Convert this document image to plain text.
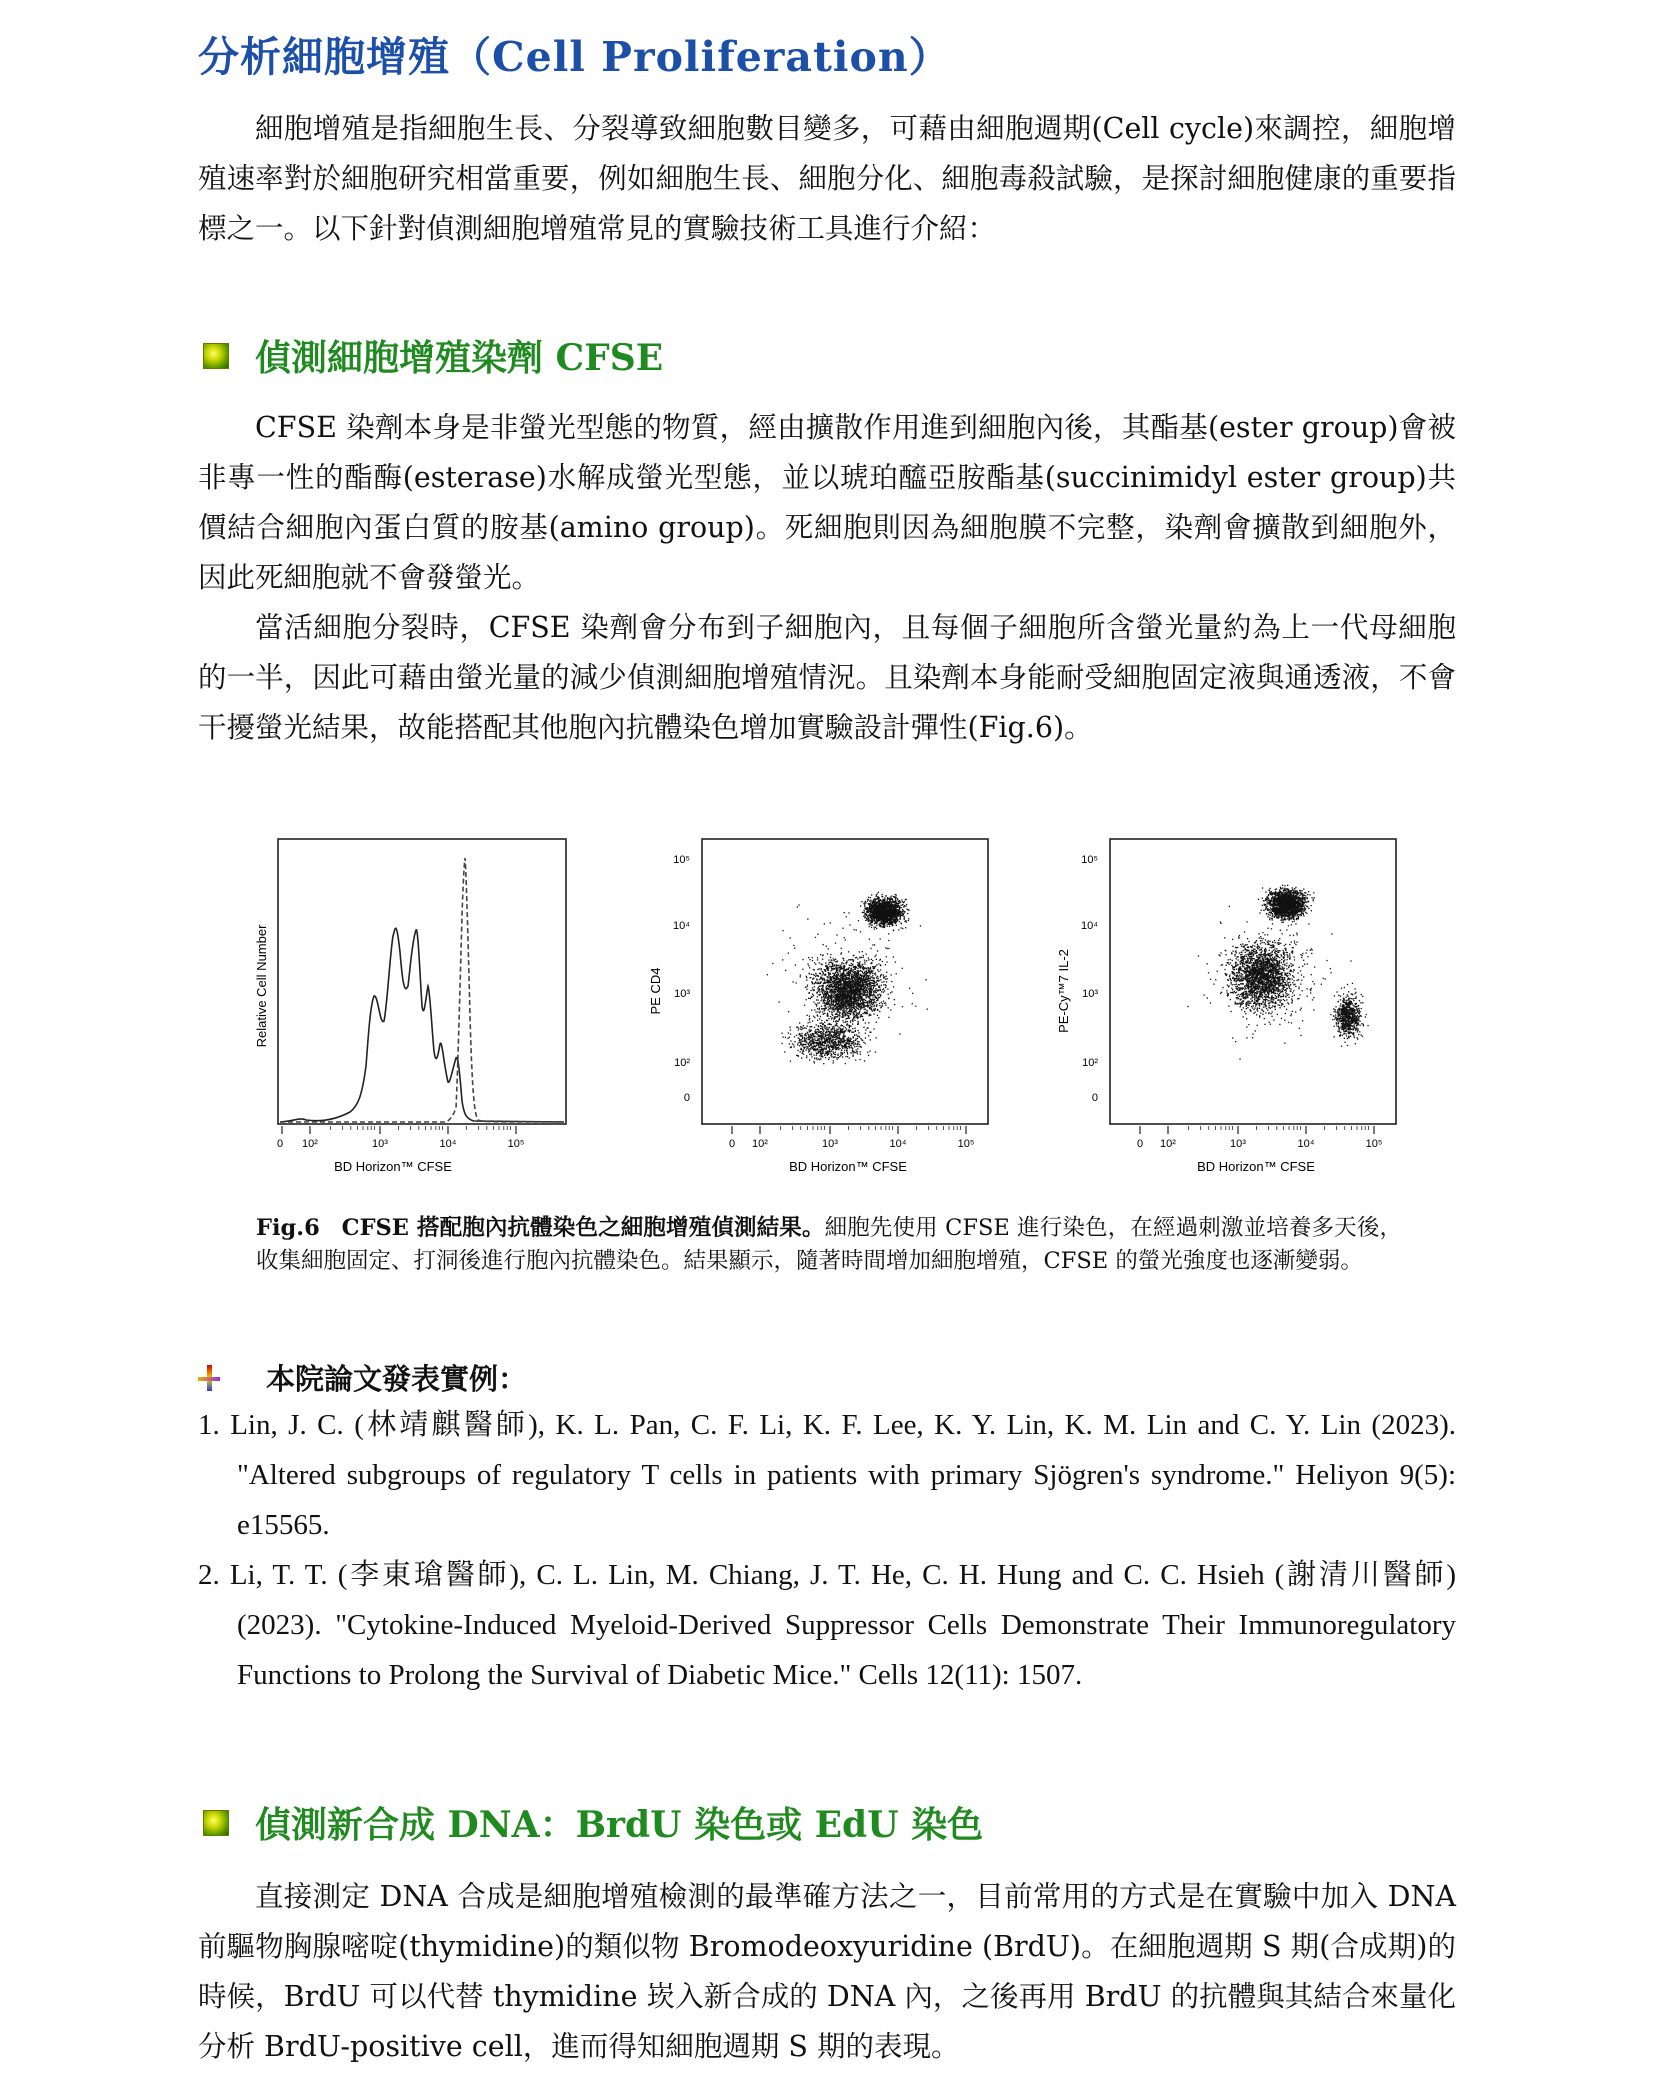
分析細胞增殖（Cell Proliferation）

細胞增殖是指細胞生長、分裂導致細胞數目變多，可藉由細胞週期(Cell cycle)來調控，細胞增殖速率對於細胞研究相當重要，例如細胞生長、細胞分化、細胞毒殺試驗，是探討細胞健康的重要指標之一。以下針對偵測細胞增殖常見的實驗技術工具進行介紹：

偵測細胞增殖染劑 CFSE

CFSE 染劑本身是非螢光型態的物質，經由擴散作用進到細胞內後，其酯基(ester group)會被非專一性的酯酶(esterase)水解成螢光型態，並以琥珀醯亞胺酯基(succinimidyl ester group)共價結合細胞內蛋白質的胺基(amino group)。死細胞則因為細胞膜不完整，染劑會擴散到細胞外，因此死細胞就不會發螢光。

當活細胞分裂時，CFSE 染劑會分布到子細胞內，且每個子細胞所含螢光量約為上一代母細胞的一半，因此可藉由螢光量的減少偵測細胞增殖情況。且染劑本身能耐受細胞固定液與通透液，不會干擾螢光結果，故能搭配其他胞內抗體染色增加實驗設計彈性(Fig.6)。

Relative Cell Number
0 10²	10³	10⁴	10⁵
BD Horizon™ CFSE
PE CD4
10⁵
10⁴
10³
10²
0
0 10²	10³	10⁴	10⁵
BD Horizon™ CFSE
PE-Cy™7 IL-2
10⁵
10⁴
10³
10²
0
0 10²	10³	10⁴	10⁵
BD Horizon™ CFSE

Fig.6 CFSE 搭配胞內抗體染色之細胞增殖偵測結果。細胞先使用 CFSE 進行染色，在經過刺激並培養多天後，收集細胞固定、打洞後進行胞內抗體染色。結果顯示，隨著時間增加細胞增殖，CFSE 的螢光強度也逐漸變弱。

本院論文發表實例：
1. Lin, J. C. (林靖麒醫師), K. L. Pan, C. F. Li, K. F. Lee, K. Y. Lin, K. M. Lin and C. Y. Lin (2023). "Altered subgroups of regulatory T cells in patients with primary Sjögren's syndrome." Heliyon 9(5): e15565.
2. Li, T. T. (李東瑲醫師), C. L. Lin, M. Chiang, J. T. He, C. H. Hung and C. C. Hsieh (謝清川醫師) (2023). "Cytokine-Induced Myeloid-Derived Suppressor Cells Demonstrate Their Immunoregulatory Functions to Prolong the Survival of Diabetic Mice." Cells 12(11): 1507.
偵測新合成 DNA：BrdU 染色或 EdU 染色

直接測定 DNA 合成是細胞增殖檢測的最準確方法之一，目前常用的方式是在實驗中加入 DNA 前驅物胸腺嘧啶(thymidine)的類似物 Bromodeoxyuridine (BrdU)。在細胞週期 S 期(合成期)的時候，BrdU 可以代替 thymidine 崁入新合成的 DNA 內，之後再用 BrdU 的抗體與其結合來量化分析 BrdU-positive cell，進而得知細胞週期 S 期的表現。
